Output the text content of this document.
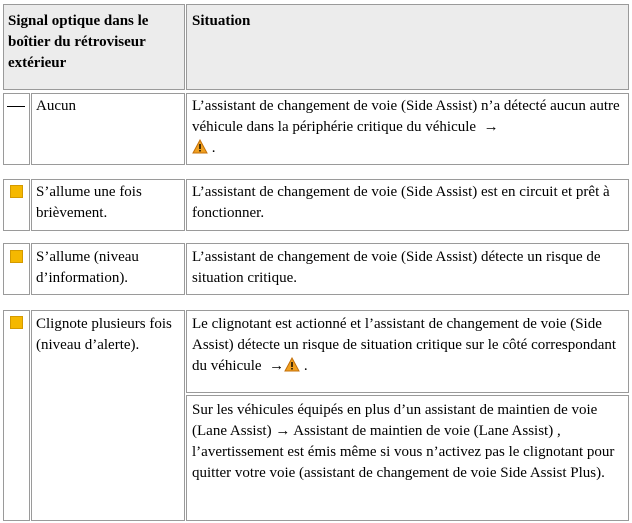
Signal optique dans le boîtier du rétroviseur extérieur
Situation
Aucun	L’assistant de changement de voie (Side Assist) n’a détecté aucun autre véhicule dans la périphérie critique du véhicule →
.
S’allume une fois brièvement.
L’assistant de changement de voie (Side Assist) est en circuit et prêt à fonctionner.
S’allume (niveau d’information).
L’assistant de changement de voie (Side Assist) détecte un risque de situation critique.
Clignote plusieurs fois (niveau d’alerte).
Le clignotant est actionné et l’assistant de changement de voie (Side Assist) détecte un risque de situation critique sur le côté correspondant du véhicule → .
Sur les véhicules équipés en plus d’un assistant de maintien de voie (Lane Assist) → Assistant de maintien de voie (Lane Assist) , l’avertissement est émis même si vous n’activez pas le clignotant pour quitter votre voie (assistant de changement de voie Side Assist Plus).
